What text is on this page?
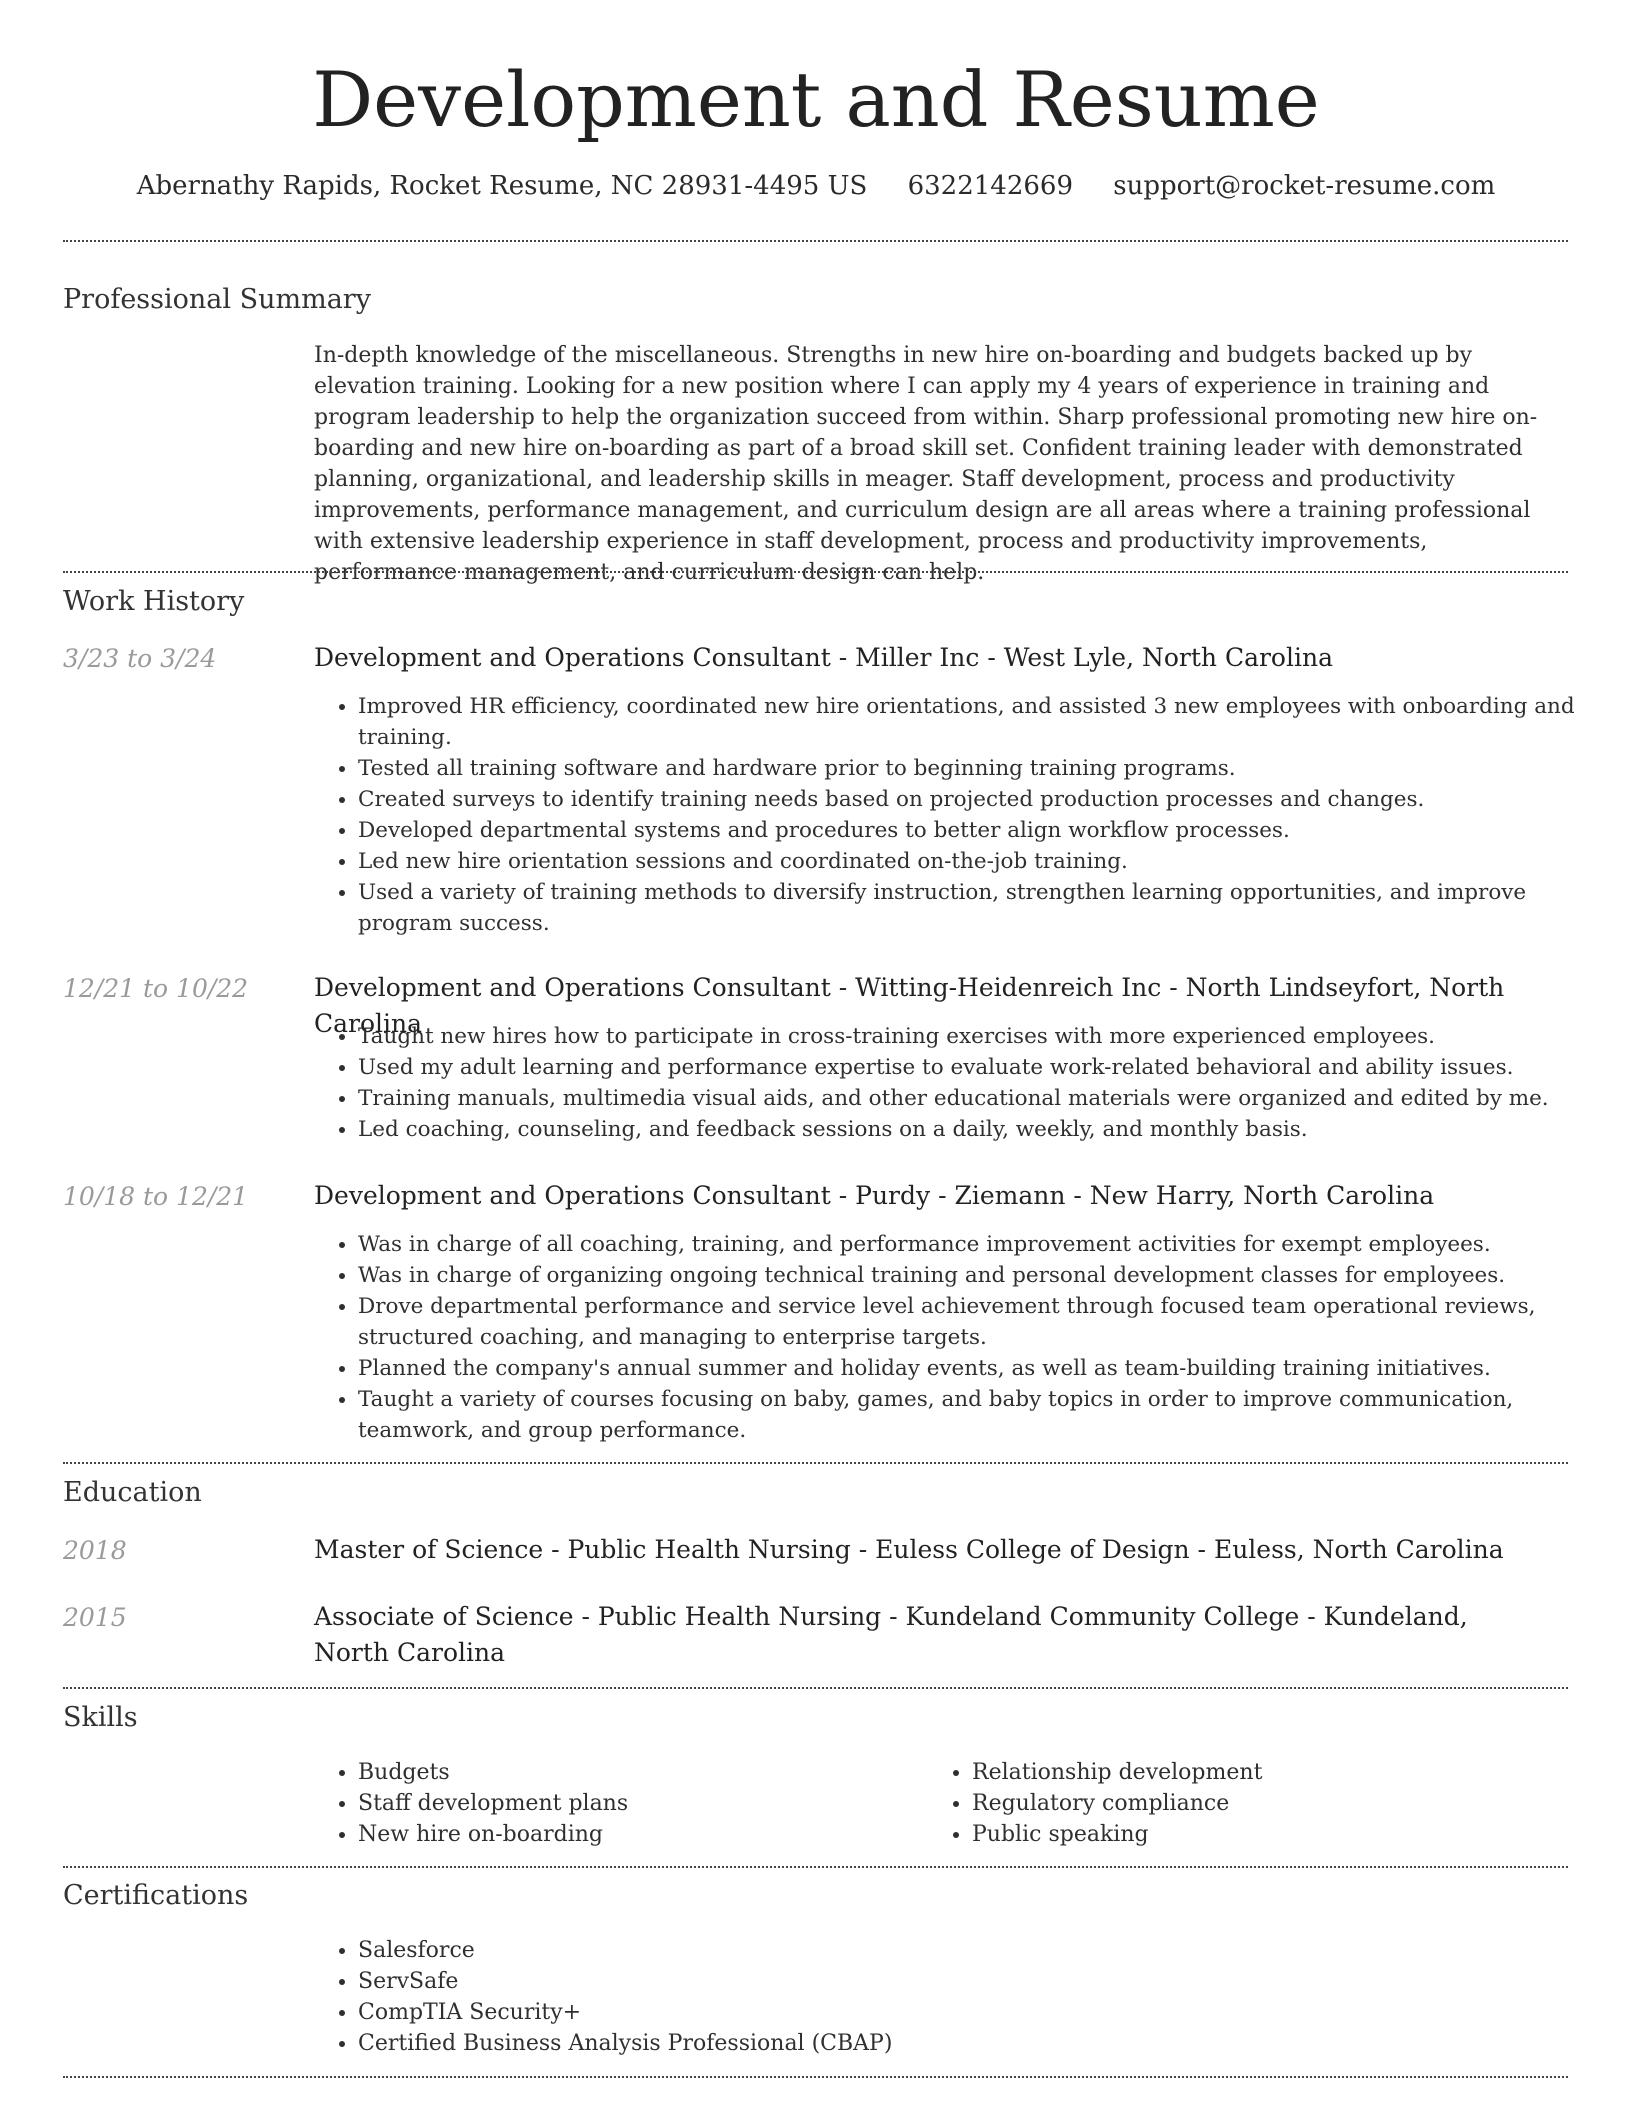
Development and Resume
Abernathy Rapids, Rocket Resume, NC 28931-4495 US 6322142669 support@rocket-resume.com
Professional Summary

In-depth knowledge of the miscellaneous. Strengths in new hire on-boarding and budgets backed up by elevation training. Looking for a new position where I can apply my 4 years of experience in training and program leadership to help the organization succeed from within. Sharp professional promoting new hire on-boarding and new hire on-boarding as part of a broad skill set. Confident training leader with demonstrated planning, organizational, and leadership skills in meager. Staff development, process and productivity improvements, performance management, and curriculum design are all areas where a training professional with extensive leadership experience in staff development, process and productivity improvements, performance management, and curriculum design can help.

Work History
3/23 to 3/24	Development and Operations Consultant - Miller Inc - West Lyle, North Carolina
• Improved HR efficiency, coordinated new hire orientations, and assisted 3 new employees with onboarding and training.
• Tested all training software and hardware prior to beginning training programs.
• Created surveys to identify training needs based on projected production processes and changes.
• Developed departmental systems and procedures to better align workflow processes.
• Led new hire orientation sessions and coordinated on-the-job training.
• Used a variety of training methods to diversify instruction, strengthen learning opportunities, and improve program success.
12/21 to 10/22	Development and Operations Consultant - Witting-Heidenreich Inc - North Lindseyfort, North Carolina
• Taught new hires how to participate in cross-training exercises with more experienced employees.
• Used my adult learning and performance expertise to evaluate work-related behavioral and ability issues.
• Training manuals, multimedia visual aids, and other educational materials were organized and edited by me.
• Led coaching, counseling, and feedback sessions on a daily, weekly, and monthly basis.
10/18 to 12/21	Development and Operations Consultant - Purdy - Ziemann - New Harry, North Carolina
• Was in charge of all coaching, training, and performance improvement activities for exempt employees.
• Was in charge of organizing ongoing technical training and personal development classes for employees.
• Drove departmental performance and service level achievement through focused team operational reviews, structured coaching, and managing to enterprise targets.
• Planned the company's annual summer and holiday events, as well as team-building training initiatives.
• Taught a variety of courses focusing on baby, games, and baby topics in order to improve communication, teamwork, and group performance.
Education
2018	Master of Science - Public Health Nursing - Euless College of Design - Euless, North Carolina
2015	Associate of Science - Public Health Nursing - Kundeland Community College - Kundeland, North Carolina
Skills
• Budgets
• Staff development plans
• New hire on-boarding
• Relationship development
• Regulatory compliance
• Public speaking
Certifications
• Salesforce
• ServSafe
• CompTIA Security+
• Certified Business Analysis Professional (CBAP)
